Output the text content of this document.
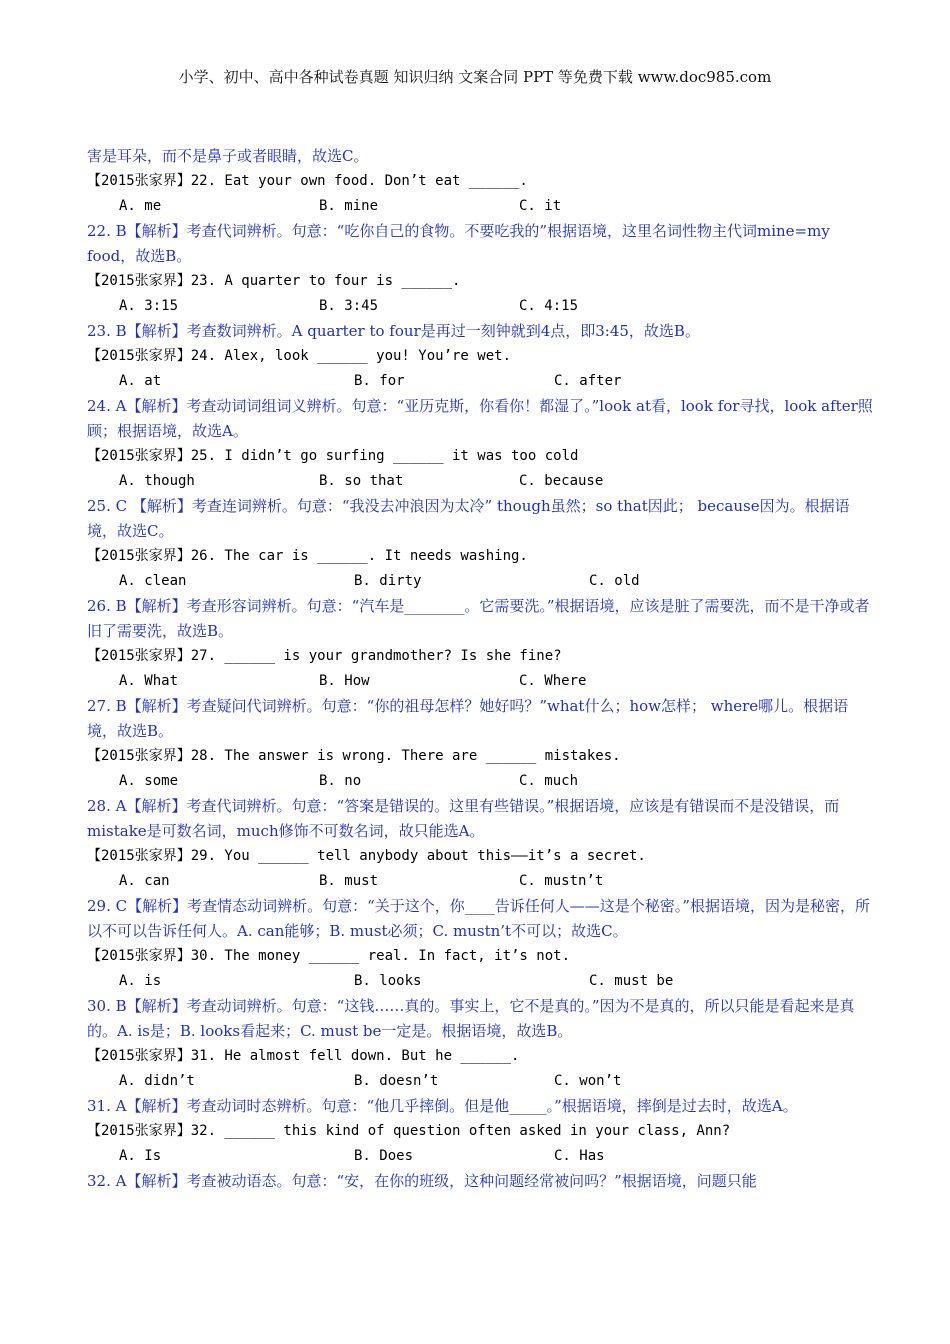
小学、初中、高中各种试卷真题 知识归纳 文案合同 PPT 等免费下载 www.doc985.com
害是耳朵，而不是鼻子或者眼睛，故选C。
【2015张家界】22. Eat your own food. Don’t eat ______.
A. me	B. mine	C. it
22. B【解析】考查代词辨析。句意：“吃你自己的食物。不要吃我的”根据语境，这里名词性物主代词mine=my food，故选B。
【2015张家界】23. A quarter to four is ______.
A. 3:15	B. 3:45	C. 4:15
23. B【解析】考查数词辨析。A quarter to four是再过一刻钟就到4点，即3:45，故选B。
【2015张家界】24. Alex, look ______ you! You’re wet.
A. at	B. for	C. after
24. A【解析】考查动词词组词义辨析。句意：“亚历克斯，你看你！都湿了。”look at看，look for寻找，look after照顾；根据语境，故选A。
【2015张家界】25. I didn’t go surfing ______ it was too cold
A. though	B. so that	C. because
25. C 【解析】考查连词辨析。句意：“我没去冲浪因为太冷” though虽然；so that因此； because因为。根据语境，故选C。
【2015张家界】26. The car is ______. It needs washing.
A. clean	B. dirty	C. old
26. B【解析】考查形容词辨析。句意：“汽车是________。它需要洗。”根据语境，应该是脏了需要洗，而不是干净或者旧了需要洗，故选B。
【2015张家界】27. ______ is your grandmother? Is she fine?
A. What	B. How	C. Where
27. B【解析】考查疑问代词辨析。句意：“你的祖母怎样？她好吗？”what什么；how怎样； where哪儿。根据语境，故选B。
【2015张家界】28. The answer is wrong. There are ______ mistakes.
A. some	B. no	C. much
28. A【解析】考查代词辨析。句意：“答案是错误的。这里有些错误。”根据语境，应该是有错误而不是没错误，而mistake是可数名词，much修饰不可数名词，故只能选A。
【2015张家界】29. You ______ tell anybody about this——it’s a secret.
A. can	B. must	C. mustn’t
29. C【解析】考查情态动词辨析。句意：“关于这个，你____告诉任何人——这是个秘密。”根据语境，因为是秘密，所以不可以告诉任何人。A. can能够；B. must必须；C. mustn’t不可以；故选C。
【2015张家界】30. The money ______ real. In fact, it’s not.
A. is	B. looks	C. must be
30. B【解析】考查动词辨析。句意：“这钱……真的。事实上，它不是真的。”因为不是真的，所以只能是看起来是真的。A. is是；B. looks看起来；C. must be一定是。根据语境，故选B。
【2015张家界】31. He almost fell down. But he ______.
A. didn’t	B. doesn’t	C. won’t
31. A【解析】考查动词时态辨析。句意：“他几乎摔倒。但是他_____。”根据语境，摔倒是过去时，故选A。
【2015张家界】32. ______ this kind of question often asked in your class, Ann?
A. Is	B. Does	C. Has
32. A【解析】考查被动语态。句意：“安，在你的班级，这种问题经常被问吗？”根据语境，问题只能
